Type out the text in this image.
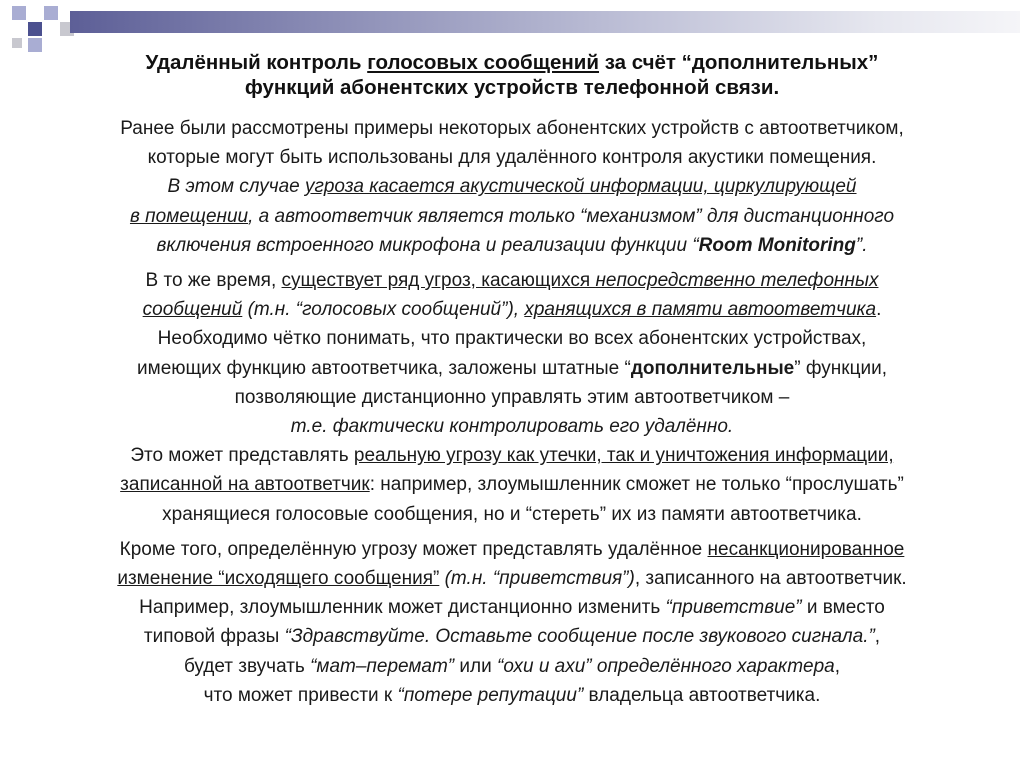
Удалённый контроль голосовых сообщений за счёт “дополнительных”
функций абонентских устройств телефонной связи.
Ранее были рассмотрены примеры некоторых абонентских устройств с автоответчиком,
которые могут быть использованы для удалённого контроля акустики помещения.
В этом случае угроза касается акустической информации, циркулирующей
в помещении, а автоответчик является только “механизмом” для дистанционного
включения встроенного микрофона и реализации функции “Room Monitoring”.
В то же время, существует ряд угроз, касающихся непосредственно телефонных
сообщений (т.н. “голосовых сообщений”), хранящихся в памяти автоответчика.
Необходимо чётко понимать, что практически во всех абонентских устройствах,
имеющих функцию автоответчика, заложены штатные “дополнительные” функции,
позволяющие дистанционно управлять этим автоответчиком –
т.е. фактически контролировать его удалённо.
Это может представлять реальную угрозу как утечки, так и уничтожения информации,
записанной на автоответчик: например, злоумышленник сможет не только “прослушать”
хранящиеся голосовые сообщения, но и “стереть” их из памяти автоответчика.
Кроме того, определённую угрозу может представлять удалённое несанкционированное
изменение “исходящего сообщения” (т.н. “приветствия”), записанного на автоответчик.
Например, злоумышленник может дистанционно изменить “приветствие” и вместо
типовой фразы “Здравствуйте. Оставьте сообщение после звукового сигнала.”,
будет звучать “мат–перемат” или “охи и ахи” определённого характера,
что может привести к “потере репутации” владельца автоответчика.
